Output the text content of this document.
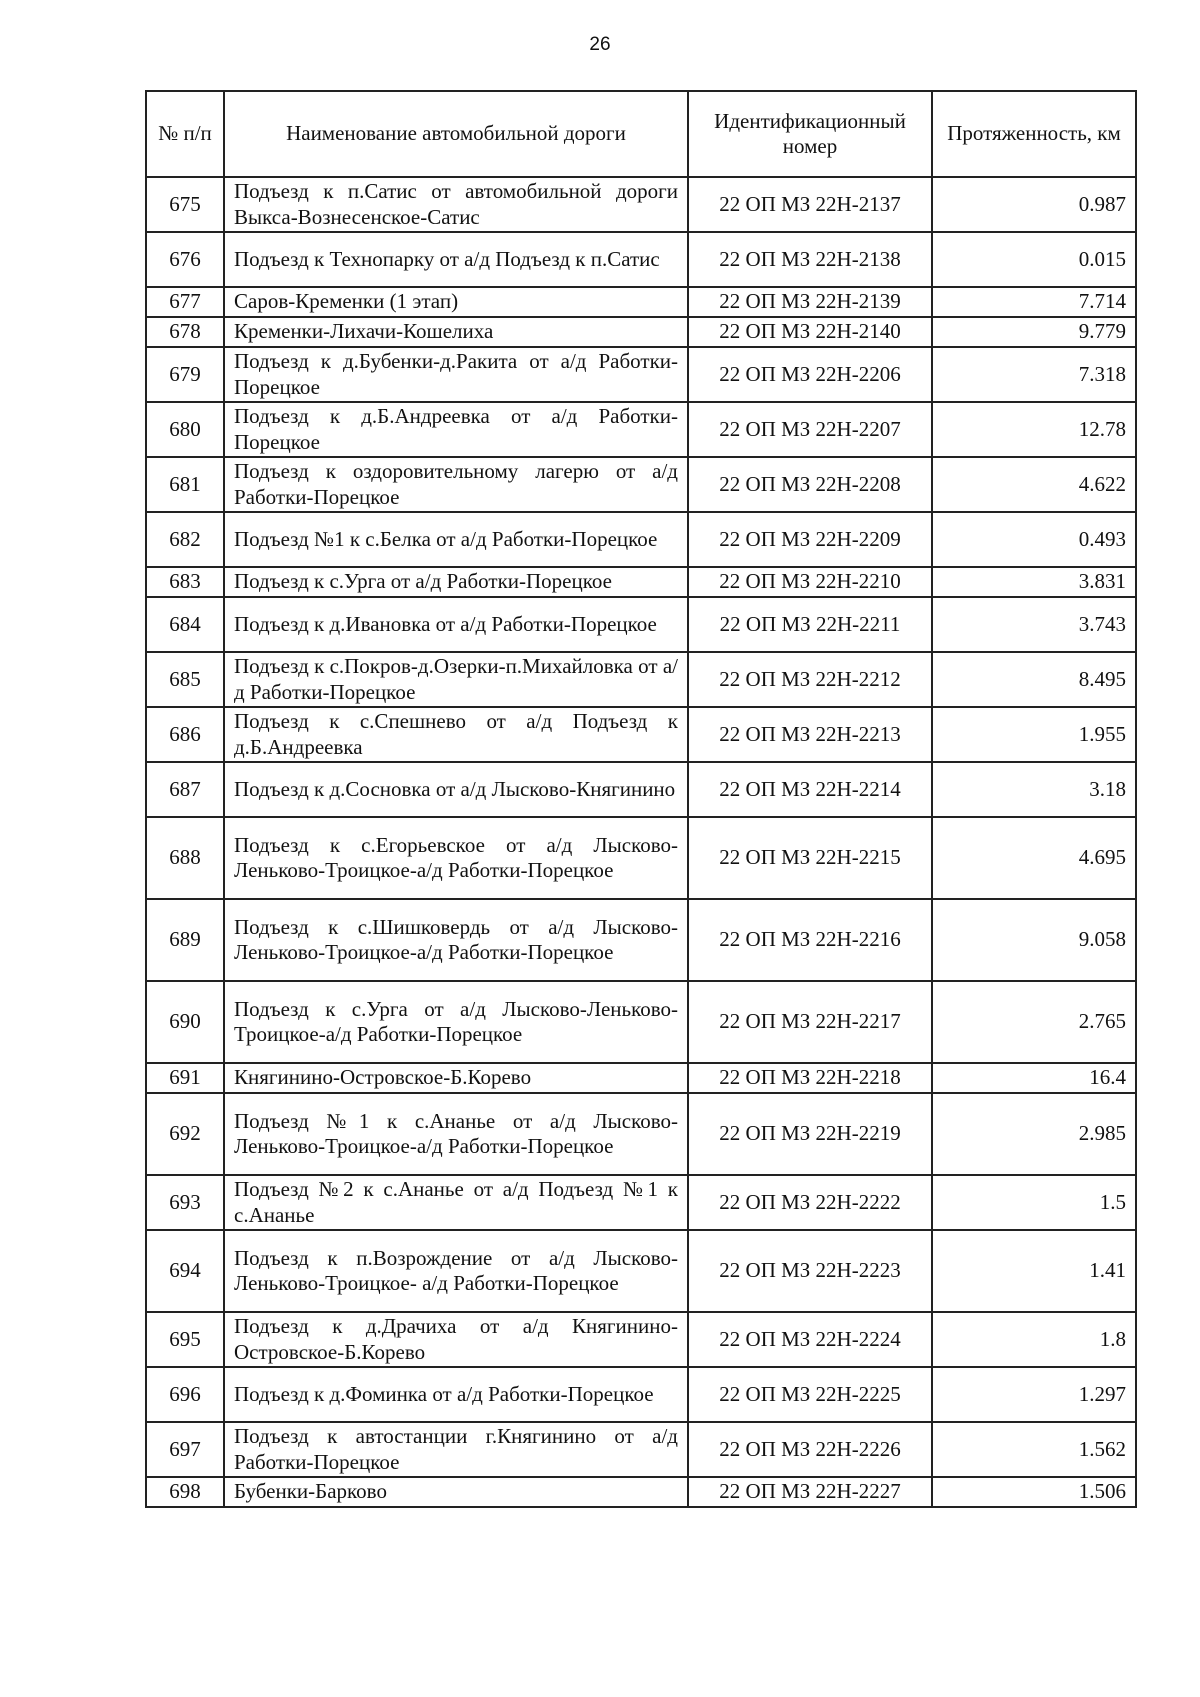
26
№ п/п	Наименование автомобильной дороги	Идентификационный номер	Протяженность, км
675	Подъезд к п.Сатис от автомобильной дороги Выкса-Вознесенское-Сатис	22 ОП МЗ 22Н-2137	0.987
676	Подъезд к Технопарку от а/д Подъезд к п.Сатис	22 ОП МЗ 22Н-2138	0.015
677	Саров-Кременки (1 этап)	22 ОП МЗ 22Н-2139	7.714
678	Кременки-Лихачи-Кошелиха	22 ОП МЗ 22Н-2140	9.779
679	Подъезд к д.Бубенки-д.Ракита от а/д Работки-Порецкое	22 ОП МЗ 22Н-2206	7.318
680	Подъезд к д.Б.Андреевка от а/д Работки-Порецкое	22 ОП МЗ 22Н-2207	12.78
681	Подъезд к оздоровительному лагерю от а/д Работки-Порецкое	22 ОП МЗ 22Н-2208	4.622
682	Подъезд №1 к с.Белка от а/д Работки-Порецкое	22 ОП МЗ 22Н-2209	0.493
683	Подъезд к с.Урга от а/д Работки-Порецкое	22 ОП МЗ 22Н-2210	3.831
684	Подъезд к д.Ивановка от а/д Работки-Порецкое	22 ОП МЗ 22Н-2211	3.743
685	Подъезд к с.Покров-д.Озерки-п.Михайловка от а/д Работки-Порецкое	22 ОП МЗ 22Н-2212	8.495
686	Подъезд к с.Спешнево от а/д Подъезд к д.Б.Андреевка	22 ОП МЗ 22Н-2213	1.955
687	Подъезд к д.Сосновка от а/д Лысково-Княгинино	22 ОП МЗ 22Н-2214	3.18
688	Подъезд к с.Егорьевское от а/д Лысково-Леньково-Троицкое-а/д Работки-Порецкое	22 ОП МЗ 22Н-2215	4.695
689	Подъезд к с.Шишковердь от а/д Лысково-Леньково-Троицкое-а/д Работки-Порецкое	22 ОП МЗ 22Н-2216	9.058
690	Подъезд к с.Урга от а/д Лысково-Леньково-Троицкое-а/д Работки-Порецкое	22 ОП МЗ 22Н-2217	2.765
691	Княгинино-Островское-Б.Корево	22 ОП МЗ 22Н-2218	16.4
692	Подъезд №1 к с.Ананье от а/д Лысково-Леньково-Троицкое-а/д Работки-Порецкое	22 ОП МЗ 22Н-2219	2.985
693	Подъезд №2 к с.Ананье от а/д Подъезд №1 к с.Ананье	22 ОП МЗ 22Н-2222	1.5
694	Подъезд к п.Возрождение от а/д Лысково-Леньково-Троицкое- а/д Работки-Порецкое	22 ОП МЗ 22Н-2223	1.41
695	Подъезд к д.Драчиха от а/д Княгинино-Островское-Б.Корево	22 ОП МЗ 22Н-2224	1.8
696	Подъезд к д.Фоминка от а/д Работки-Порецкое	22 ОП МЗ 22Н-2225	1.297
697	Подъезд к автостанции г.Княгинино от а/д Работки-Порецкое	22 ОП МЗ 22Н-2226	1.562
698	Бубенки-Барково	22 ОП МЗ 22Н-2227	1.506
